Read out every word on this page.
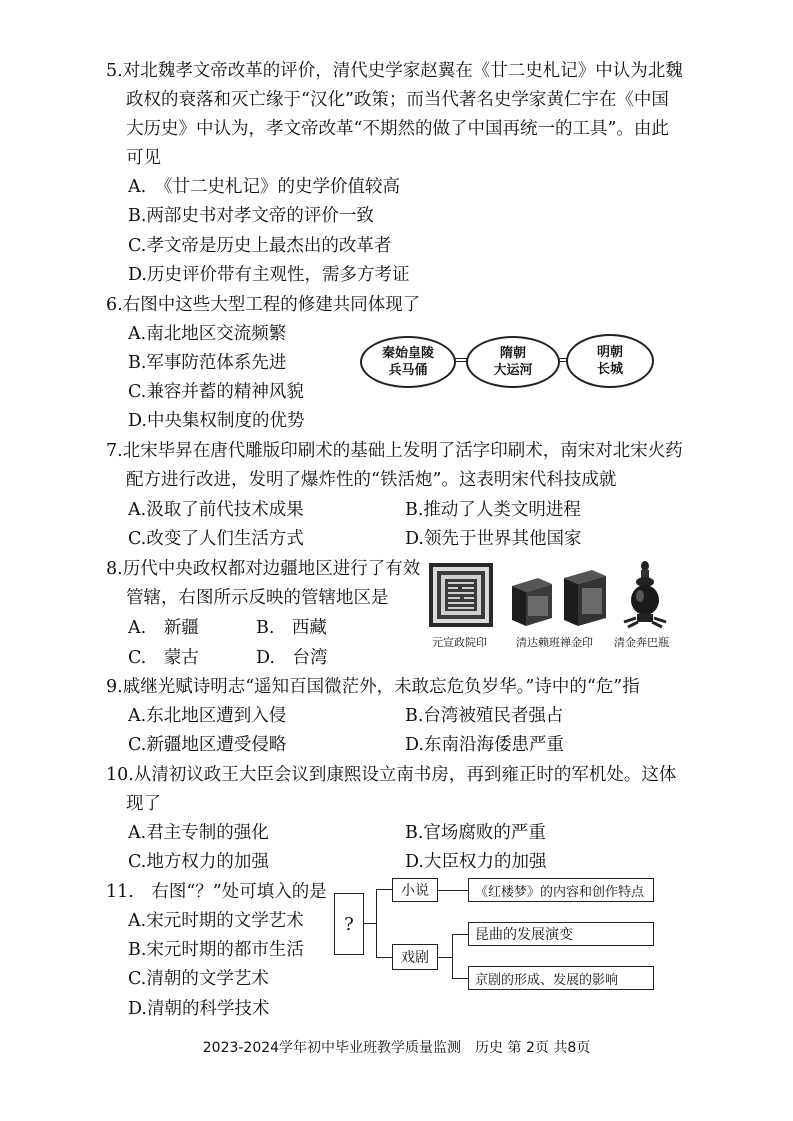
5.对北魏孝文帝改革的评价，清代史学家赵翼在《廿二史札记》中认为北魏
政权的衰落和灭亡缘于“汉化”政策；而当代著名史学家黄仁宇在《中国
大历史》中认为，孝文帝改革“不期然的做了中国再统一的工具”。由此
可见
A.　《廿二史札记》的史学价值较高
B.两部史书对孝文帝的评价一致
C.孝文帝是历史上最杰出的改革者
D.历史评价带有主观性，需多方考证
6.右图中这些大型工程的修建共同体现了
A.南北地区交流频繁
B.军事防范体系先进
C.兼容并蓄的精神风貌
D.中央集权制度的优势
秦始皇陵
兵马俑
隋朝
大运河
明朝
长城
7.北宋毕昇在唐代雕版印刷术的基础上发明了活字印刷术，南宋对北宋火药
配方进行改进，发明了爆炸性的“铁活炮”。这表明宋代科技成就
A.汲取了前代技术成果	B.推动了人类文明进程
C.改变了人们生活方式	D.领先于世界其他国家
8.历代中央政权都对边疆地区进行了有效
管辖，右图所示反映的管辖地区是
A.　新疆	B.　西藏
C.　蒙古	D.　台湾
元宣政院印	清达赖班禅金印 清金奔巴瓶
9.戚继光赋诗明志“遥知百国微茫外，未敢忘危负岁华。”诗中的“危”指
A.东北地区遭到入侵	B.台湾被殖民者强占
C.新疆地区遭受侵略	D.东南沿海倭患严重
10.从清初议政王大臣会议到康熙设立南书房，再到雍正时的军机处。这体
现了
A.君主专制的强化	B.官场腐败的严重
C.地方权力的加强	D.大臣权力的加强
11.　右图“？”处可填入的是
A.宋元时期的文学艺术
B.宋元时期的都市生活
C.清朝的文学艺术
D.清朝的科学技术
?
小说	《红楼梦》的内容和创作特点
戏剧
昆曲的发展演变
京剧的形成、发展的影响
2023-2024学年初中毕业班教学质量监测　历史 第 2页 共8页
